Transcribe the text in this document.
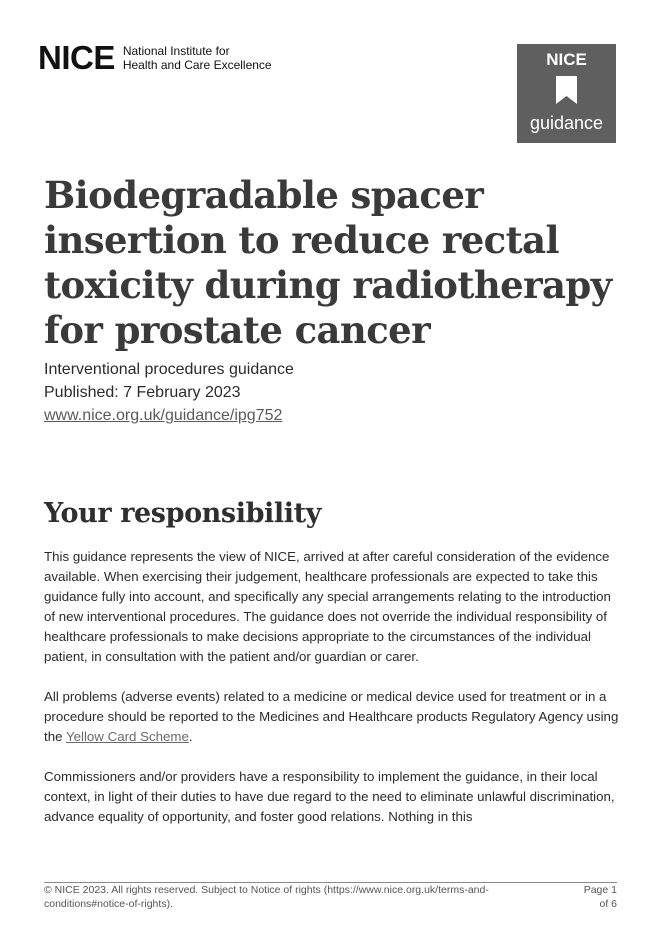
NICE National Institute for
Health and Care Excellence	NICE
guidance
Biodegradable spacer insertion to reduce rectal toxicity during radiotherapy for prostate cancer
Interventional procedures guidance
Published: 7 February 2023
www.nice.org.uk/guidance/ipg752
Your responsibility

This guidance represents the view of NICE, arrived at after careful consideration of the evidence available. When exercising their judgement, healthcare professionals are expected to take this guidance fully into account, and specifically any special arrangements relating to the introduction of new interventional procedures. The guidance does not override the individual responsibility of healthcare professionals to make decisions appropriate to the circumstances of the individual patient, in consultation with the patient and/or guardian or carer.

All problems (adverse events) related to a medicine or medical device used for treatment or in a procedure should be reported to the Medicines and Healthcare products Regulatory Agency using the Yellow Card Scheme.

Commissioners and/or providers have a responsibility to implement the guidance, in their local context, in light of their duties to have due regard to the need to eliminate unlawful discrimination, advance equality of opportunity, and foster good relations. Nothing in this

© NICE 2023. All rights reserved. Subject to Notice of rights (https://www.nice.org.uk/terms-and-conditions#notice-of-rights).
Page 1
of 6
